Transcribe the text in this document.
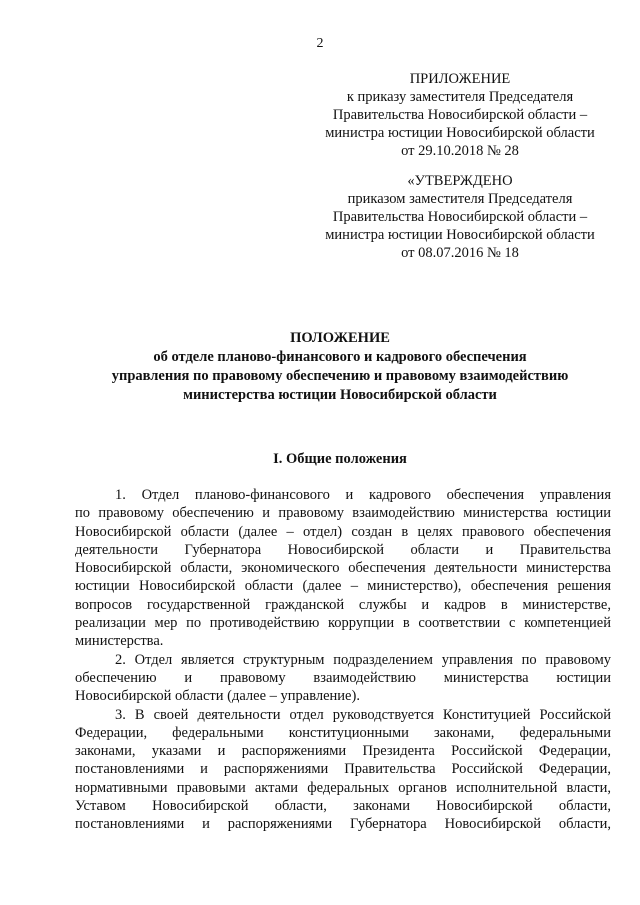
2
ПРИЛОЖЕНИЕ
к приказу заместителя Председателя
Правительства Новосибирской области –
министра юстиции Новосибирской области
от 29.10.2018 № 28
«УТВЕРЖДЕНО
приказом заместителя Председателя
Правительства Новосибирской области –
министра юстиции Новосибирской области
от 08.07.2016 № 18
ПОЛОЖЕНИЕ
об отделе планово-финансового и кадрового обеспечения
управления по правовому обеспечению и правовому взаимодействию
министерства юстиции Новосибирской области
I. Общие положения
1. Отдел планово-финансового и кадрового обеспечения управления
по правовому обеспечению и правовому взаимодействию министерства юстиции
Новосибирской области (далее – отдел) создан в целях правового обеспечения
деятельности Губернатора Новосибирской области и Правительства
Новосибирской области, экономического обеспечения деятельности министерства
юстиции Новосибирской области (далее – министерство), обеспечения решения
вопросов государственной гражданской службы и кадров в министерстве,
реализации мер по противодействию коррупции в соответствии с компетенцией
министерства.
2. Отдел является структурным подразделением управления по правовому
обеспечению и правовому взаимодействию министерства юстиции
Новосибирской области (далее – управление).
3. В своей деятельности отдел руководствуется Конституцией Российской
Федерации, федеральными конституционными законами, федеральными
законами, указами и распоряжениями Президента Российской Федерации,
постановлениями и распоряжениями Правительства Российской Федерации,
нормативными правовыми актами федеральных органов исполнительной власти,
Уставом Новосибирской области, законами Новосибирской области,
постановлениями и распоряжениями Губернатора Новосибирской области,
